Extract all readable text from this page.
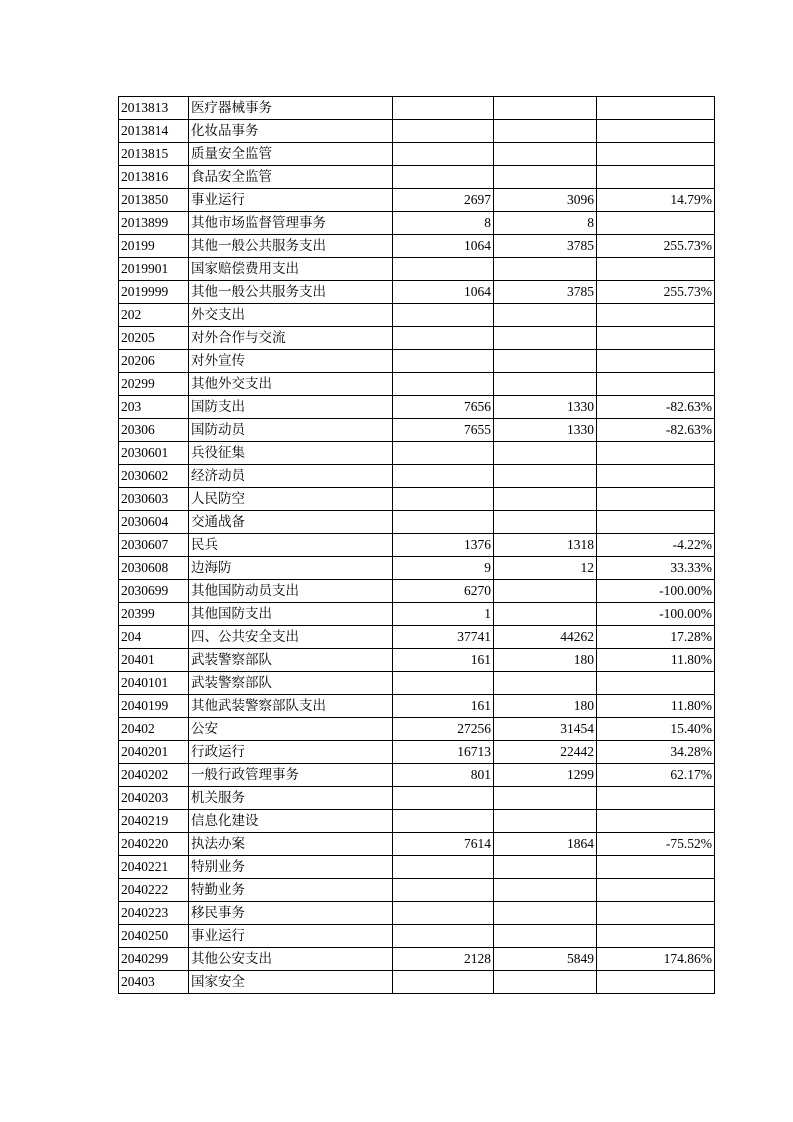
2013813	医疗器械事务			
2013814	化妆品事务			
2013815	质量安全监管			
2013816	食品安全监管			
2013850	事业运行	2697	3096	14.79%
2013899	其他市场监督管理事务	8	8	
20199	其他一般公共服务支出	1064	3785	255.73%
2019901	国家赔偿费用支出			
2019999	其他一般公共服务支出	1064	3785	255.73%
202	外交支出			
20205	对外合作与交流			
20206	对外宣传			
20299	其他外交支出			
203	国防支出	7656	1330	-82.63%
20306	国防动员	7655	1330	-82.63%
2030601	兵役征集			
2030602	经济动员			
2030603	人民防空			
2030604	交通战备			
2030607	民兵	1376	1318	-4.22%
2030608	边海防	9	12	33.33%
2030699	其他国防动员支出	6270		-100.00%
20399	其他国防支出	1		-100.00%
204	四、公共安全支出	37741	44262	17.28%
20401	武装警察部队	161	180	11.80%
2040101	武装警察部队			
2040199	其他武装警察部队支出	161	180	11.80%
20402	公安	27256	31454	15.40%
2040201	行政运行	16713	22442	34.28%
2040202	一般行政管理事务	801	1299	62.17%
2040203	机关服务			
2040219	信息化建设			
2040220	执法办案	7614	1864	-75.52%
2040221	特别业务			
2040222	特勤业务			
2040223	移民事务			
2040250	事业运行			
2040299	其他公安支出	2128	5849	174.86%
20403	国家安全			
